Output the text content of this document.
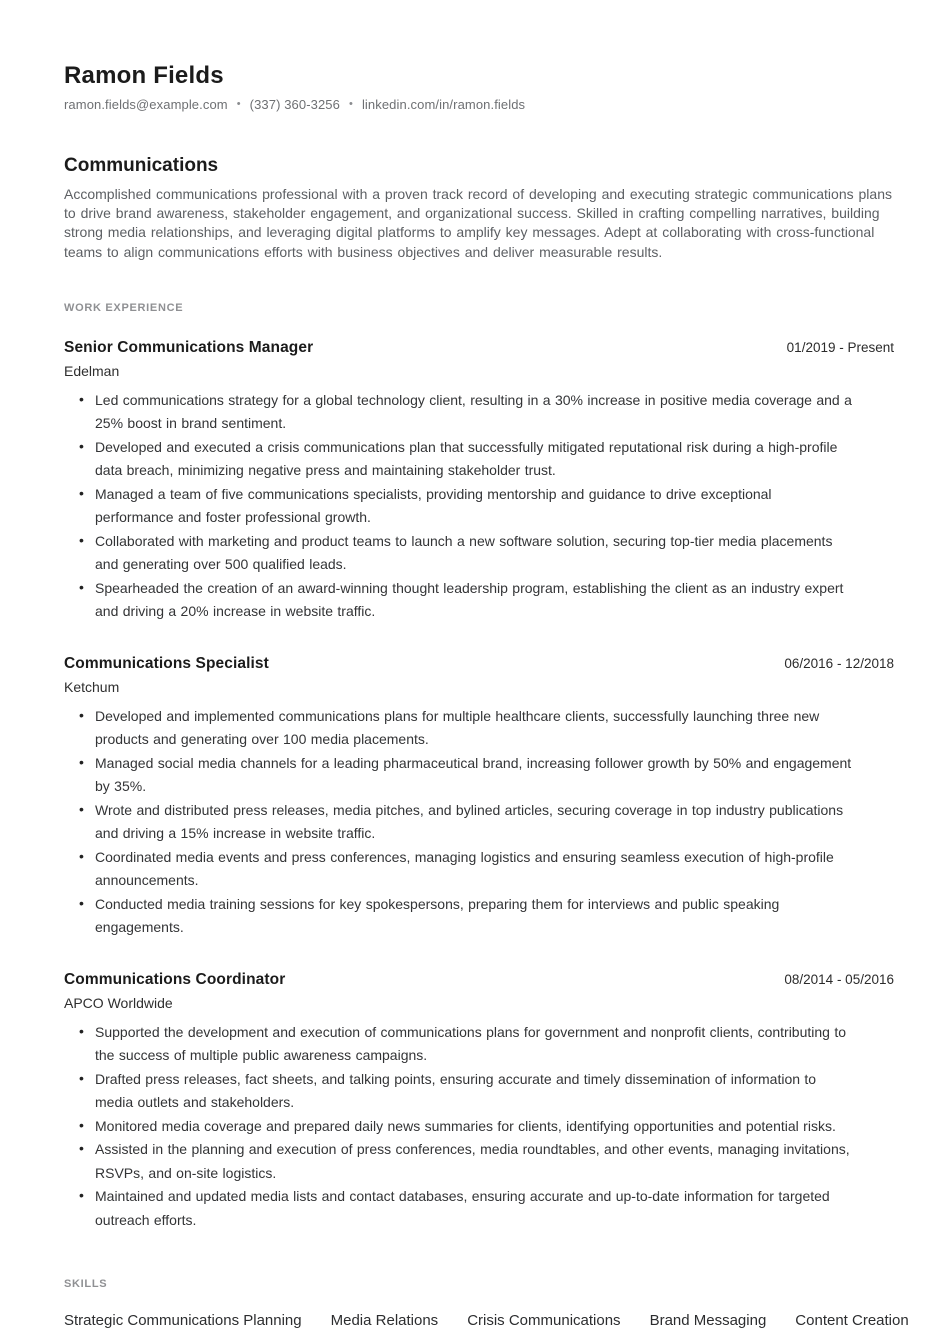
Ramon Fields
ramon.fields@example.com • (337) 360-3256 • linkedin.com/in/ramon.fields
Communications

Accomplished communications professional with a proven track record of developing and executing strategic communications plans to drive brand awareness, stakeholder engagement, and organizational success. Skilled in crafting compelling narratives, building strong media relationships, and leveraging digital platforms to amplify key messages. Adept at collaborating with cross-functional teams to align communications efforts with business objectives and deliver measurable results.

WORK EXPERIENCE
Senior Communications Manager	01/2019 - Present
Edelman
• Led communications strategy for a global technology client, resulting in a 30% increase in positive media coverage and a 25% boost in brand sentiment.
• Developed and executed a crisis communications plan that successfully mitigated reputational risk during a high-profile data breach, minimizing negative press and maintaining stakeholder trust.
• Managed a team of five communications specialists, providing mentorship and guidance to drive exceptional performance and foster professional growth.
• Collaborated with marketing and product teams to launch a new software solution, securing top-tier media placements and generating over 500 qualified leads.
• Spearheaded the creation of an award-winning thought leadership program, establishing the client as an industry expert and driving a 20% increase in website traffic.
Communications Specialist	06/2016 - 12/2018
Ketchum
• Developed and implemented communications plans for multiple healthcare clients, successfully launching three new products and generating over 100 media placements.
• Managed social media channels for a leading pharmaceutical brand, increasing follower growth by 50% and engagement by 35%.
• Wrote and distributed press releases, media pitches, and bylined articles, securing coverage in top industry publications and driving a 15% increase in website traffic.
• Coordinated media events and press conferences, managing logistics and ensuring seamless execution of high-profile announcements.
• Conducted media training sessions for key spokespersons, preparing them for interviews and public speaking engagements.
Communications Coordinator	08/2014 - 05/2016
APCO Worldwide
• Supported the development and execution of communications plans for government and nonprofit clients, contributing to the success of multiple public awareness campaigns.
• Drafted press releases, fact sheets, and talking points, ensuring accurate and timely dissemination of information to media outlets and stakeholders.
• Monitored media coverage and prepared daily news summaries for clients, identifying opportunities and potential risks.
• Assisted in the planning and execution of press conferences, media roundtables, and other events, managing invitations, RSVPs, and on-site logistics.
• Maintained and updated media lists and contact databases, ensuring accurate and up-to-date information for targeted outreach efforts.
SKILLS
Strategic Communications Planning Media Relations Crisis Communications Brand Messaging Content Creation
